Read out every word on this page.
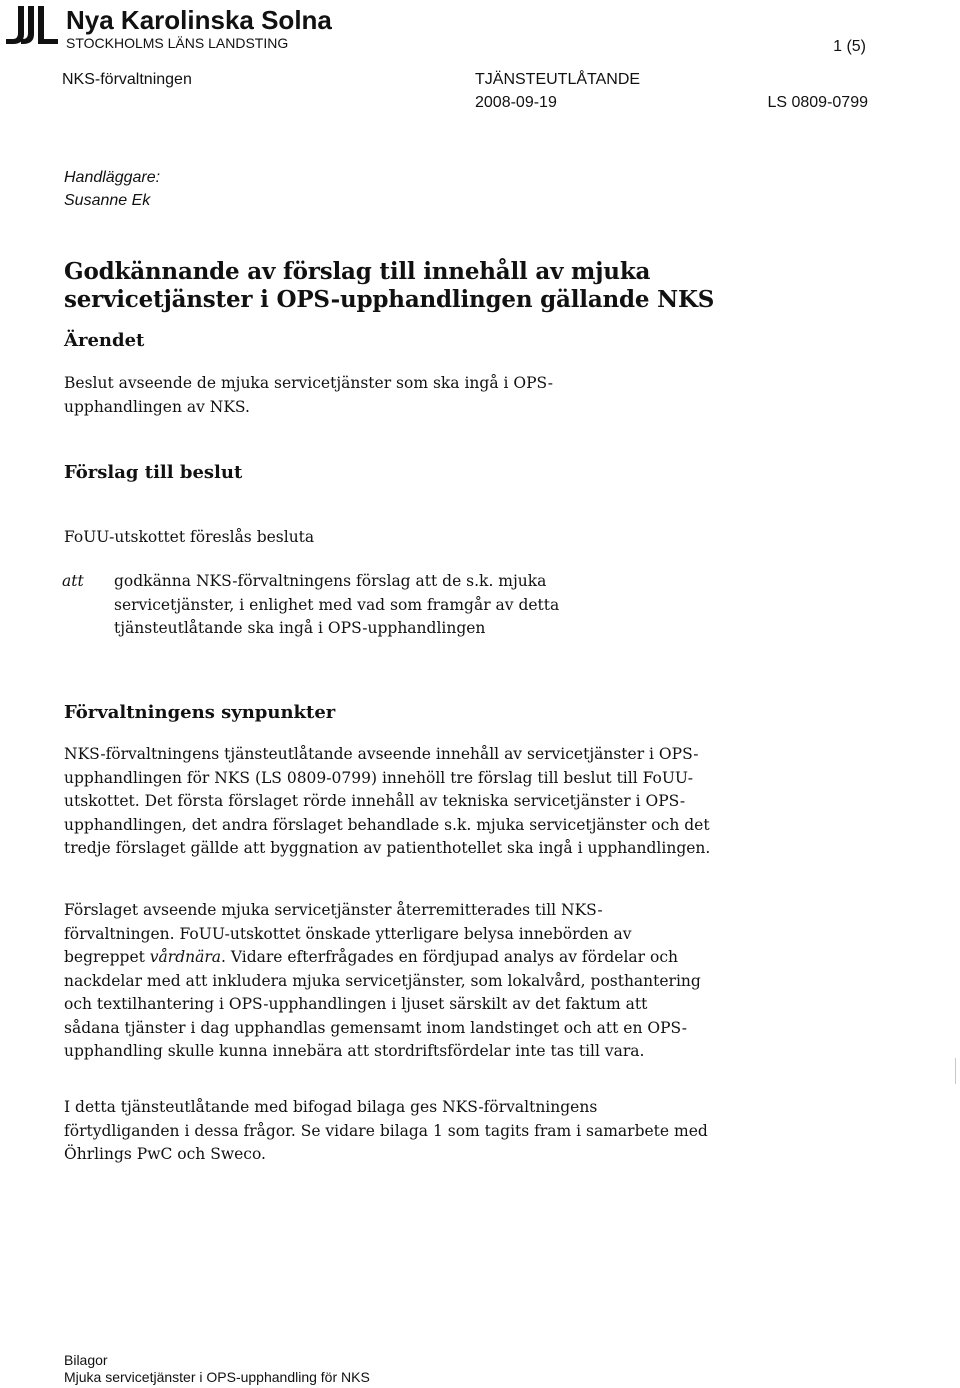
Nya Karolinska Solna
STOCKHOLMS LÄNS LANDSTING	1 (5)
NKS-förvaltningen	TJÄNSTEUTLÅTANDE
2008-09-19	LS 0809-0799
Handläggare:
Susanne Ek
Godkännande av förslag till innehåll av mjuka servicetjänster i OPS-upphandlingen gällande NKS
Ärendet
Beslut avseende de mjuka servicetjänster som ska ingå i OPS-upphandlingen av NKS.
Förslag till beslut
FoUU-utskottet föreslås besluta
att godkänna NKS-förvaltningens förslag att de s.k. mjuka servicetjänster, i enlighet med vad som framgår av detta tjänsteutlåtande ska ingå i OPS-upphandlingen
Förvaltningens synpunkter
NKS-förvaltningens tjänsteutlåtande avseende innehåll av servicetjänster i OPS-upphandlingen för NKS (LS 0809-0799) innehöll tre förslag till beslut till FoUU-utskottet. Det första förslaget rörde innehåll av tekniska servicetjänster i OPS-upphandlingen, det andra förslaget behandlade s.k. mjuka servicetjänster och det tredje förslaget gällde att byggnation av patienthotellet ska ingå i upphandlingen.
Förslaget avseende mjuka servicetjänster återremitterades till NKS-förvaltningen. FoUU-utskottet önskade ytterligare belysa innebörden av begreppet vårdnära. Vidare efterfrågades en fördjupad analys av fördelar och nackdelar med att inkludera mjuka servicetjänster, som lokalvård, posthantering och textilhantering i OPS-upphandlingen i ljuset särskilt av det faktum att sådana tjänster i dag upphandlas gemensamt inom landstinget och att en OPS-upphandling skulle kunna innebära att stordriftsfördelar inte tas till vara.
I detta tjänsteutlåtande med bifogad bilaga ges NKS-förvaltningens förtydliganden i dessa frågor. Se vidare bilaga 1 som tagits fram i samarbete med Öhrlings PwC och Sweco.
Bilagor
Mjuka servicetjänster i OPS-upphandling för NKS
